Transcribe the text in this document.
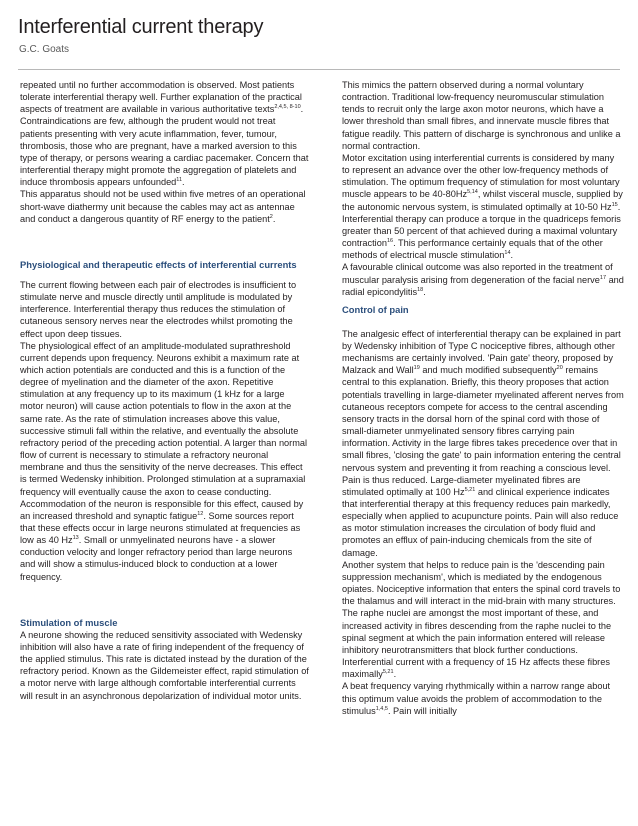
Interferential current therapy
G.C. Goats

repeated until no further accommodation is observed. Most patients tolerate interferential therapy well. Further explanation of the practical aspects of treatment are available in various authoritative texts$^{2,4,5, 8-10}$.

Contraindications are few, although the prudent would not treat patients presenting with very acute inflammation, fever, tumour, thrombosis, those who are pregnant, have a marked aversion to this type of therapy, or persons wearing a cardiac pacemaker. Concern that interferential therapy might promote the aggregation of platelets and induce thrombosis appears unfounded$^{11}$.

This apparatus should not be used within five metres of an operational short-wave diathermy unit because the cables may act as antennae and conduct a dangerous quantity of RF energy to the patient$^2$.

Physiological and therapeutic effects of interferential currents

The current flowing between each pair of electrodes is insufficient to stimulate nerve and muscle directly until amplitude is modulated by interference. Interferential therapy thus reduces the stimulation of cutaneous sensory nerves near the electrodes whilst promoting the effect upon deep tissues.

The physiological effect of an amplitude-modulated suprathreshold current depends upon frequency. Neurons exhibit a maximum rate at which action potentials are conducted and this is a function of the degree of myelination and the diameter of the axon. Repetitive stimulation at any frequency up to its maximum (1 kHz for a large motor neuron) will cause action potentials to flow in the axon at the same rate. As the rate of stimulation increases above this value, successive stimuli fall within the relative, and eventually the absolute refractory period of the preceding action potential. A larger than normal flow of current is necessary to stimulate a refractory neuronal membrane and thus the sensitivity of the nerve decreases. This effect is termed Wedensky inhibition. Prolonged stimulation at a supramaxial frequency will eventually cause the axon to cease conducting.

Accommodation of the neuron is responsible for this effect, caused by an increased threshold and synaptic fatigue$^{12}$. Some sources report that these effects occur in large neurons stimulated at frequencies as low as 40 Hz$^{13}$. Small or unmyelinated neurons have - a slower conduction velocity and longer refractory period than large neurons and will show a stimulus-induced block to conduction at a lower frequency.

Stimulation of muscle

A neurone showing the reduced sensitivity associated with Wedensky inhibition will also have a rate of firing independent of the frequency of the applied stimulus. This rate is dictated instead by the duration of the refractory period. Known as the Gildemeister effect, rapid stimulation of a motor nerve with large although comfortable interferential currents will result in an asynchronous depolarization of individual motor units.

This mimics the pattern observed during a normal voluntary contraction. Traditional low-frequency neuromuscular stimulation tends to recruit only the large axon motor neurons, which have a lower threshold than small fibres, and innervate muscle fibres that fatigue readily. This pattern of discharge is synchronous and unlike a normal contraction.

Motor excitation using interferential currents is considered by many to represent an advance over the other low-frequency methods of stimulation. The optimum frequency of stimulation for most voluntary muscle appears to be 40-80Hz$^{5,14}$, whilst visceral muscle, supplied by the autonomic nervous system, is stimulated optimally at 10-50 Hz$^{15}$. Interferential therapy can produce a torque in the quadriceps femoris greater than 50 percent of that achieved during a maximal voluntary contraction$^{16}$. This performance certainly equals that of the other methods of electrical muscle stimulation$^{14}$.

A favourable clinical outcome was also reported in the treatment of muscular paralysis arising from degeneration of the facial nerve$^{17}$ and radial epicondylitis$^{18}$.

Control of pain

The analgesic effect of interferential therapy can be explained in part by Wedensky inhibition of Type C nociceptive fibres, although other mechanisms are certainly involved. 'Pain gate' theory, proposed by Malzack and Wall$^{19}$ and much modified subsequently$^{20}$ remains central to this explanation. Briefly, this theory proposes that action potentials travelling in large-diameter myelinated afferent nerves from cutaneous receptors compete for access to the central ascending sensory tracts in the dorsal horn of the spinal cord with those of small-diameter unmyelinated sensory fibres carrying pain information. Activity in the large fibres takes precedence over that in small fibres, 'closing the gate' to pain information entering the central nervous system and preventing it from reaching a conscious level. Pain is thus reduced. Large-diameter myelinated fibres are stimulated optimally at 100 Hz$^{5,21}$ and clinical experience indicates that interferential therapy at this frequency reduces pain markedly, especially when applied to acupuncture points. Pain will also reduce as motor stimulation increases the circulation of body fluid and promotes an efflux of pain-inducing chemicals from the site of damage.

Another system that helps to reduce pain is the 'descending pain suppression mechanism', which is mediated by the endogenous opiates. Nociceptive information that enters the spinal cord travels to the thalamus and will interact in the mid-brain with many structures. The raphe nuclei are amongst the most important of these, and increased activity in fibres descending from the raphe nuclei to the spinal segment at which the pain information entered will release inhibitory neurotransmitters that block further conductions. Interferential current with a frequency of 15 Hz affects these fibres maximally$^{5,21}$.

A beat frequency varying rhythmically within a narrow range about this optimum value avoids the problem of accommodation to the stimulus$^{1,4,5}$. Pain will initially
